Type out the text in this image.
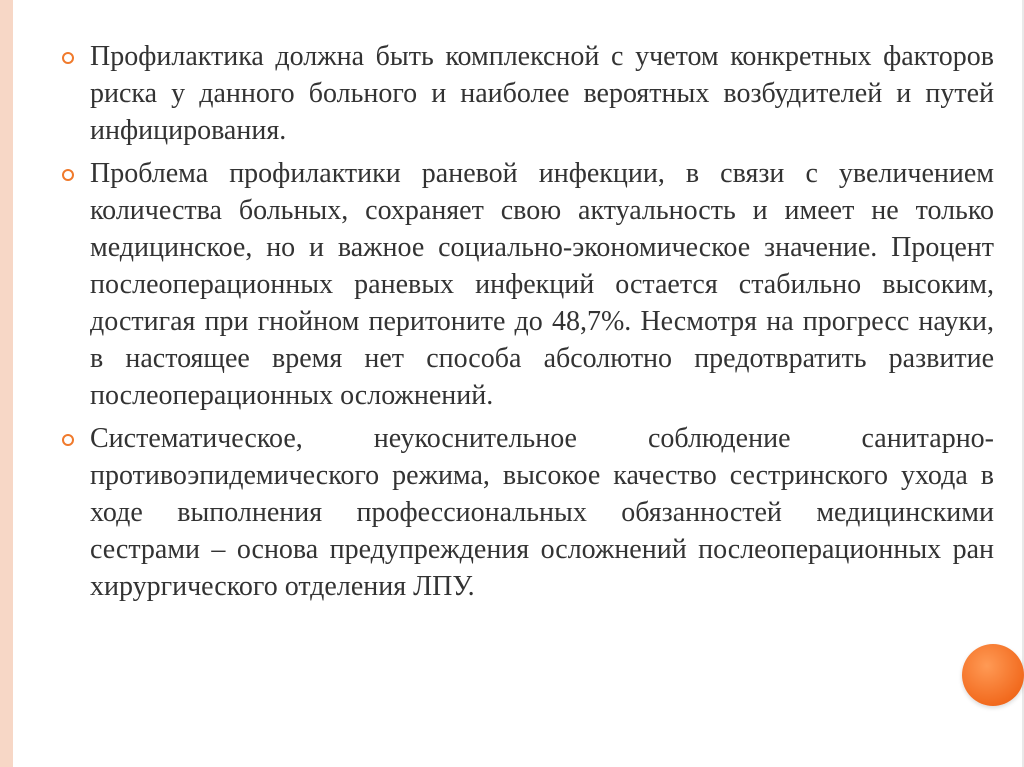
Профилактика должна быть комплексной с учетом конкретных факторов риска у данного больного и наиболее вероятных возбудителей и путей инфицирования.

Проблема профилактики раневой инфекции, в связи с увеличением количества больных, сохраняет свою актуальность и имеет не только медицинское, но и важное социально-экономическое значение. Процент послеоперационных раневых инфекций остается стабильно высоким, достигая при гнойном перитоните до 48,7%. Несмотря на прогресс науки, в настоящее время нет способа абсолютно предотвратить развитие послеоперационных осложнений.

Систематическое, неукоснительное соблюдение санитарно-противоэпидемического режима, высокое качество сестринского ухода в ходе выполнения профессиональных обязанностей медицинскими сестрами – основа предупреждения осложнений послеоперационных ран хирургического отделения ЛПУ.
